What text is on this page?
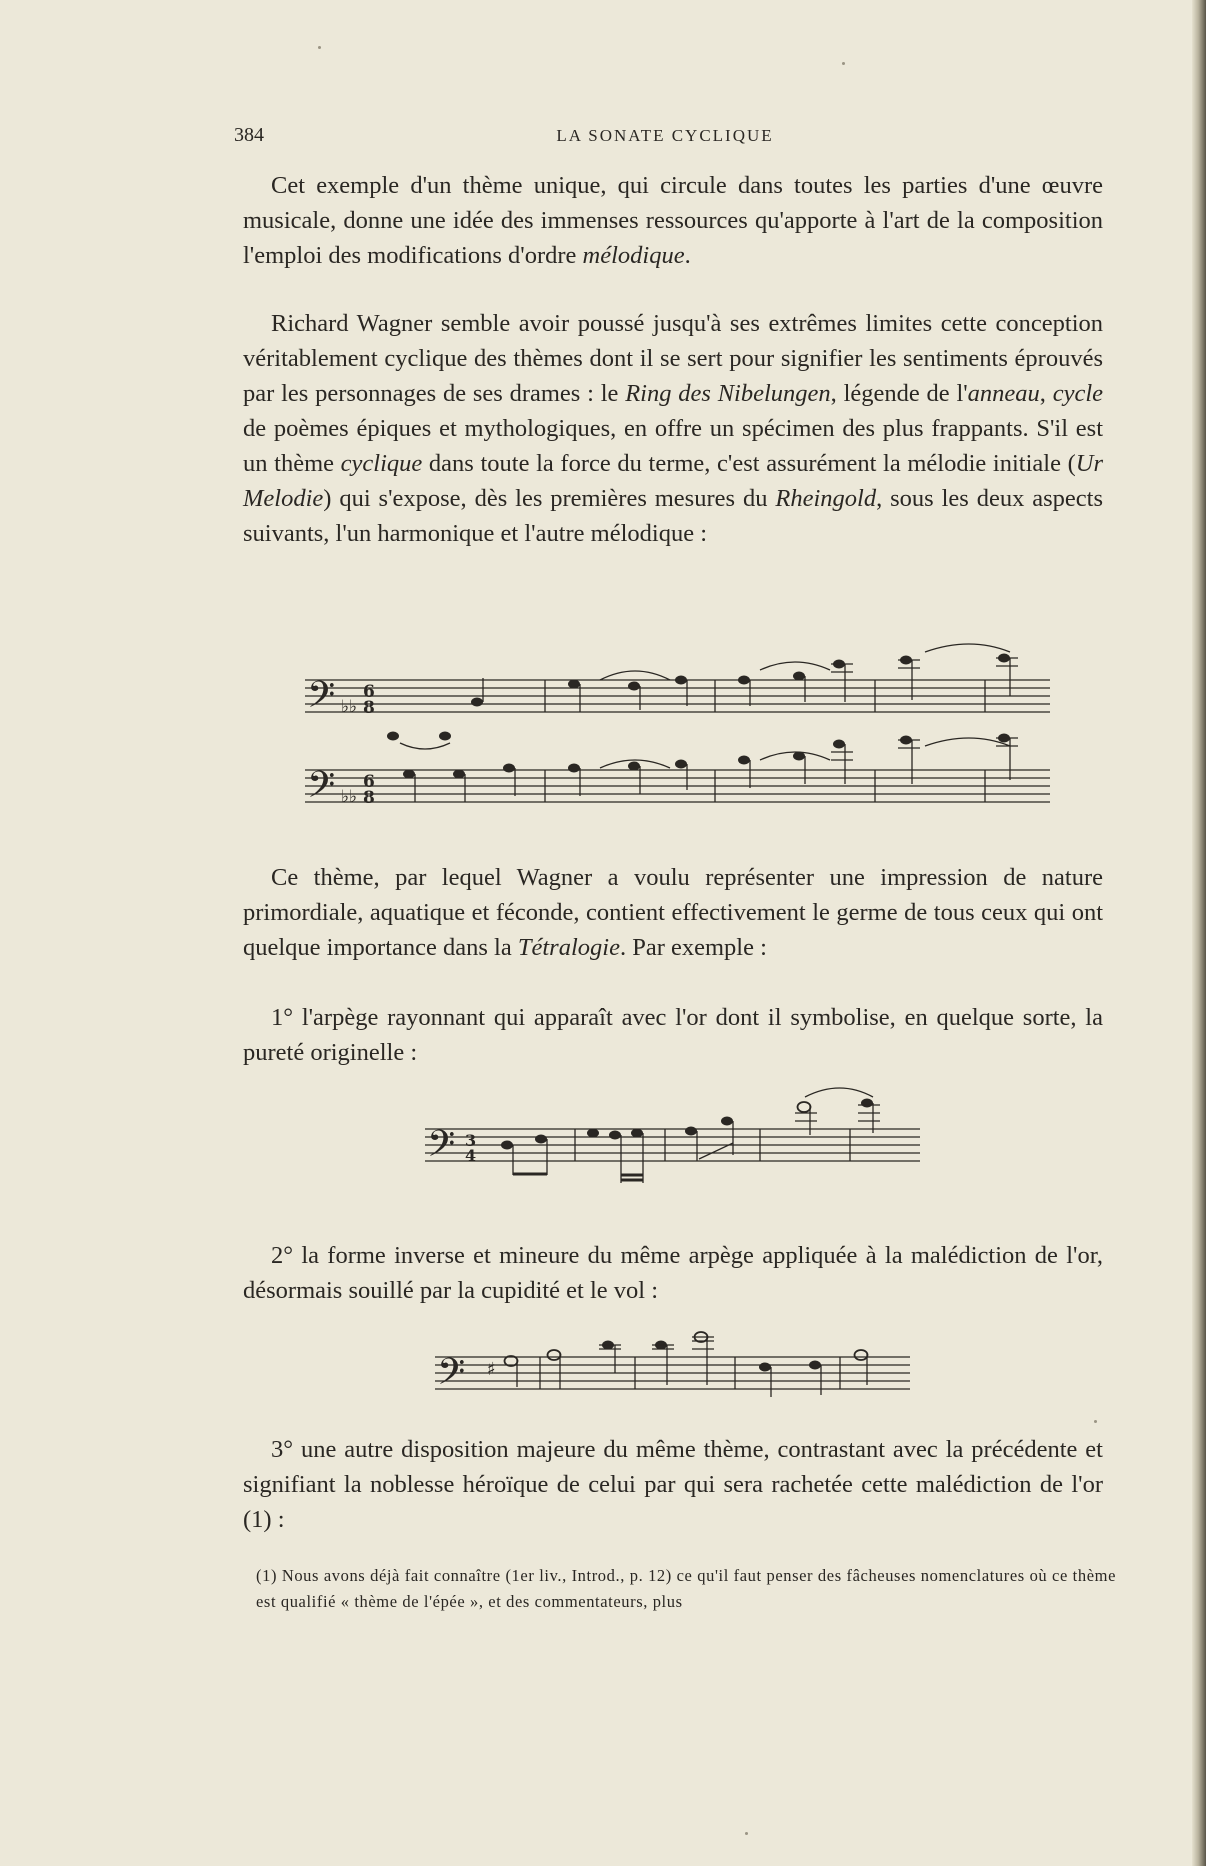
384	LA SONATE CYCLIQUE

Cet exemple d'un thème unique, qui circule dans toutes les parties d'une œuvre musicale, donne une idée des immenses ressources qu'apporte à l'art de la composition l'emploi des modifications d'ordre mélodique.

Richard Wagner semble avoir poussé jusqu'à ses extrêmes limites cette conception véritablement cyclique des thèmes dont il se sert pour signifier les sentiments éprouvés par les personnages de ses drames : le Ring des Nibelungen, légende de l'anneau, cycle de poèmes épiques et mythologiques, en offre un spécimen des plus frappants. S'il est un thème cyclique dans toute la force du terme, c'est assurément la mélodie initiale (Ur Melodie) qui s'expose, dès les premières mesures du Rheingold, sous les deux aspects suivants, l'un harmonique et l'autre mélodique :

𝄢 ♭♭
6
8
𝄢 ♭♭
6
8

Ce thème, par lequel Wagner a voulu représenter une impression de nature primordiale, aquatique et féconde, contient effectivement le germe de tous ceux qui ont quelque importance dans la Tétralogie. Par exemple :

1° l'arpège rayonnant qui apparaît avec l'or dont il symbolise, en quelque sorte, la pureté originelle :

𝄢 3
4

2° la forme inverse et mineure du même arpège appliquée à la malédiction de l'or, désormais souillé par la cupidité et le vol :

𝄢 ♯

3° une autre disposition majeure du même thème, contrastant avec la précédente et signifiant la noblesse héroïque de celui par qui sera rachetée cette malédiction de l'or (1) :

(1) Nous avons déjà fait connaître (1er liv., Introd., p. 12) ce qu'il faut penser des fâcheuses nomenclatures où ce thème est qualifié « thème de l'épée », et des commentateurs, plus
